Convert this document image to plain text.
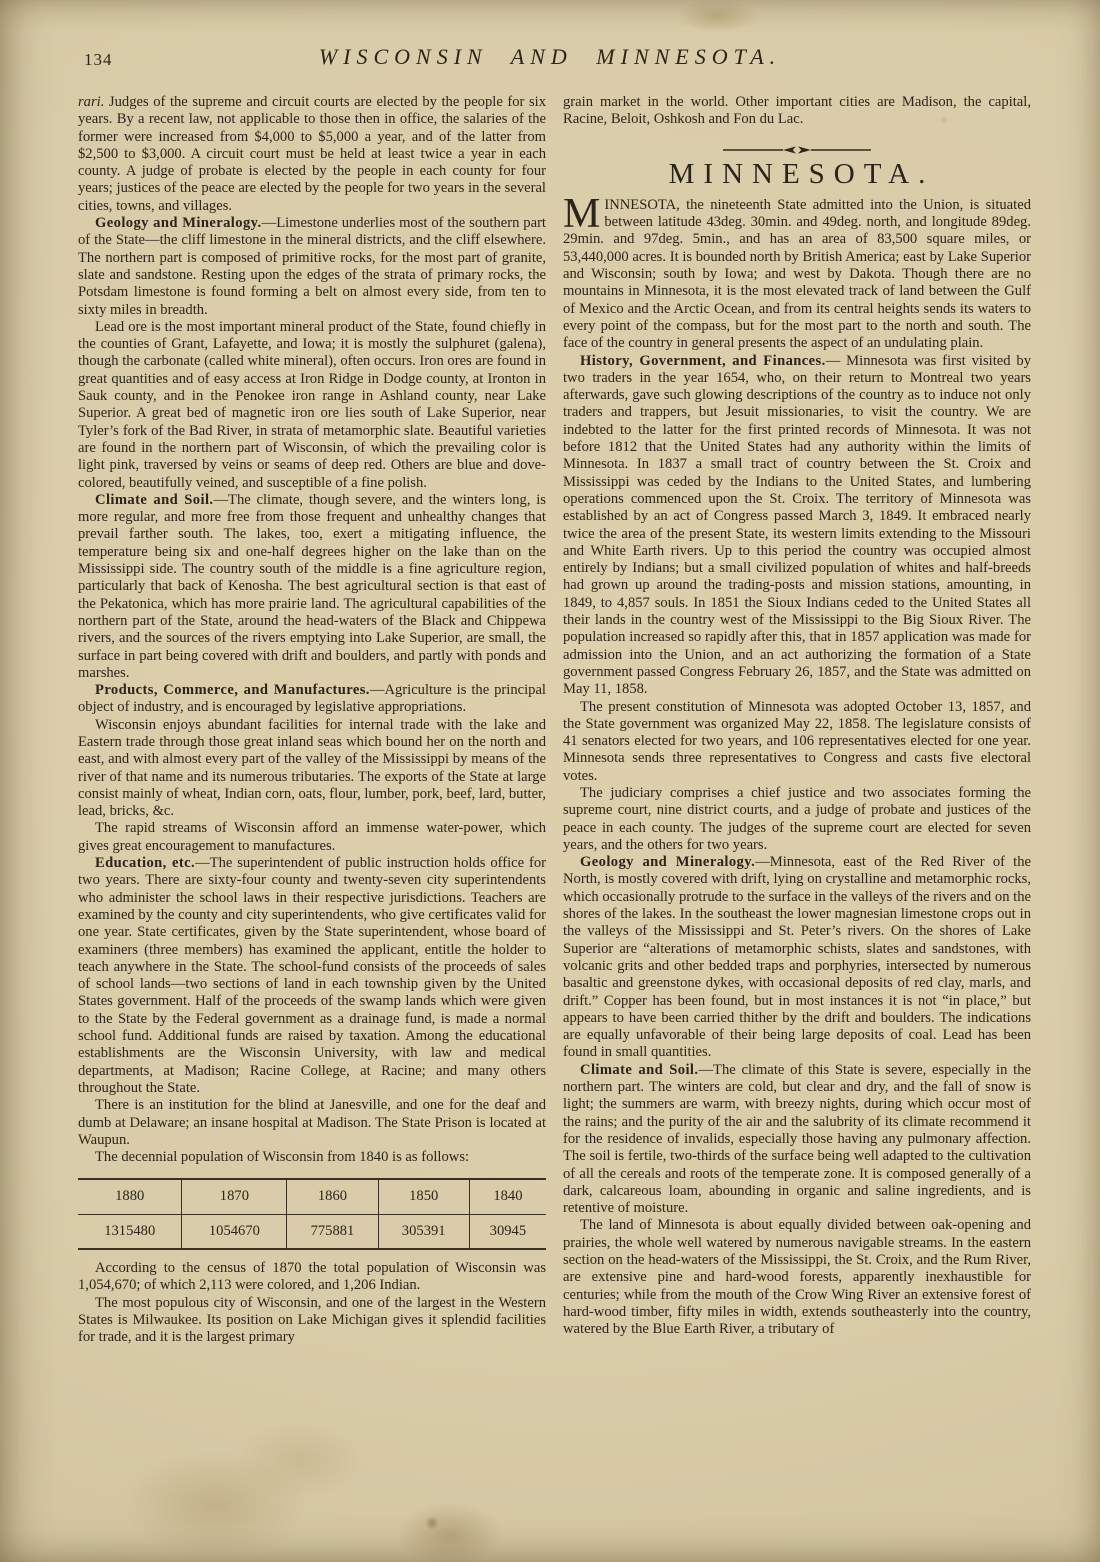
134	WISCONSIN AND MINNESOTA.

rari. Judges of the supreme and circuit courts are elected by the people for six years. By a recent law, not applicable to those then in office, the salaries of the former were increased from $4,000 to $5,000 a year, and of the latter from $2,500 to $3,000. A circuit court must be held at least twice a year in each county. A judge of probate is elected by the people in each county for four years; justices of the peace are elected by the people for two years in the several cities, towns, and villages.

Geology and Mineralogy.—Limestone underlies most of the southern part of the State—the cliff limestone in the mineral districts, and the cliff elsewhere. The northern part is composed of primitive rocks, for the most part of granite, slate and sandstone. Resting upon the edges of the strata of primary rocks, the Potsdam limestone is found forming a belt on almost every side, from ten to sixty miles in breadth.

Lead ore is the most important mineral product of the State, found chiefly in the counties of Grant, Lafayette, and Iowa; it is mostly the sulphuret (galena), though the carbonate (called white mineral), often occurs. Iron ores are found in great quantities and of easy access at Iron Ridge in Dodge county, at Ironton in Sauk county, and in the Penokee iron range in Ashland county, near Lake Superior. A great bed of magnetic iron ore lies south of Lake Superior, near Tyler’s fork of the Bad River, in strata of metamorphic slate. Beautiful varieties are found in the northern part of Wisconsin, of which the prevailing color is light pink, traversed by veins or seams of deep red. Others are blue and dove-colored, beautifully veined, and susceptible of a fine polish.

Climate and Soil.—The climate, though severe, and the winters long, is more regular, and more free from those frequent and unhealthy changes that prevail farther south. The lakes, too, exert a mitigating influence, the temperature being six and one-half degrees higher on the lake than on the Mississippi side. The country south of the middle is a fine agriculture region, particularly that back of Kenosha. The best agricultural section is that east of the Pekatonica, which has more prairie land. The agricultural capabilities of the northern part of the State, around the head-waters of the Black and Chippewa rivers, and the sources of the rivers emptying into Lake Superior, are small, the surface in part being covered with drift and boulders, and partly with ponds and marshes.

Products, Commerce, and Manufactures.—Agriculture is the principal object of industry, and is encouraged by legislative appropriations.

Wisconsin enjoys abundant facilities for internal trade with the lake and Eastern trade through those great inland seas which bound her on the north and east, and with almost every part of the valley of the Mississippi by means of the river of that name and its numerous tributaries. The exports of the State at large consist mainly of wheat, Indian corn, oats, flour, lumber, pork, beef, lard, butter, lead, bricks, &c.

The rapid streams of Wisconsin afford an immense water-power, which gives great encouragement to manufactures.

Education, etc.—The superintendent of public instruction holds office for two years. There are sixty-four county and twenty-seven city superintendents who administer the school laws in their respective jurisdictions. Teachers are examined by the county and city superintendents, who give certificates valid for one year. State certificates, given by the State superintendent, whose board of examiners (three members) has examined the applicant, entitle the holder to teach anywhere in the State. The school-fund consists of the proceeds of sales of school lands—two sections of land in each township given by the United States government. Half of the proceeds of the swamp lands which were given to the State by the Federal government as a drainage fund, is made a normal school fund. Additional funds are raised by taxation. Among the educational establishments are the Wisconsin University, with law and medical departments, at Madison; Racine College, at Racine; and many others throughout the State.

There is an institution for the blind at Janesville, and one for the deaf and dumb at Delaware; an insane hospital at Madison. The State Prison is located at Waupun.

The decennial population of Wisconsin from 1840 is as follows:

1880	1870	1860	1850	1840
1315480	1054670	775881	305391	30945

According to the census of 1870 the total population of Wisconsin was 1,054,670; of which 2,113 were colored, and 1,206 Indian.

The most populous city of Wisconsin, and one of the largest in the Western States is Milwaukee. Its position on Lake Michigan gives it splendid facilities for trade, and it is the largest primary

grain market in the world. Other important cities are Madison, the capital, Racine, Beloit, Oshkosh and Fon du Lac.

MINNESOTA.

MINNESOTA, the nineteenth State admitted into the Union, is situated between latitude 43deg. 30min. and 49deg. north, and longitude 89deg. 29min. and 97deg. 5min., and has an area of 83,500 square miles, or 53,440,000 acres. It is bounded north by British America; east by Lake Superior and Wisconsin; south by Iowa; and west by Dakota. Though there are no mountains in Minnesota, it is the most elevated track of land between the Gulf of Mexico and the Arctic Ocean, and from its central heights sends its waters to every point of the compass, but for the most part to the north and south. The face of the country in general presents the aspect of an undulating plain.

History, Government, and Finances.— Minnesota was first visited by two traders in the year 1654, who, on their return to Montreal two years afterwards, gave such glowing descriptions of the country as to induce not only traders and trappers, but Jesuit missionaries, to visit the country. We are indebted to the latter for the first printed records of Minnesota. It was not before 1812 that the United States had any authority within the limits of Minnesota. In 1837 a small tract of country between the St. Croix and Mississippi was ceded by the Indians to the United States, and lumbering operations commenced upon the St. Croix. The territory of Minnesota was established by an act of Congress passed March 3, 1849. It embraced nearly twice the area of the present State, its western limits extending to the Missouri and White Earth rivers. Up to this period the country was occupied almost entirely by Indians; but a small civilized population of whites and half-breeds had grown up around the trading-posts and mission stations, amounting, in 1849, to 4,857 souls. In 1851 the Sioux Indians ceded to the United States all their lands in the country west of the Mississippi to the Big Sioux River. The population increased so rapidly after this, that in 1857 application was made for admission into the Union, and an act authorizing the formation of a State government passed Congress February 26, 1857, and the State was admitted on May 11, 1858.

The present constitution of Minnesota was adopted October 13, 1857, and the State government was organized May 22, 1858. The legislature consists of 41 senators elected for two years, and 106 representatives elected for one year. Minnesota sends three representatives to Congress and casts five electoral votes.

The judiciary comprises a chief justice and two associates forming the supreme court, nine district courts, and a judge of probate and justices of the peace in each county. The judges of the supreme court are elected for seven years, and the others for two years.

Geology and Mineralogy.—Minnesota, east of the Red River of the North, is mostly covered with drift, lying on crystalline and metamorphic rocks, which occasionally protrude to the surface in the valleys of the rivers and on the shores of the lakes. In the southeast the lower magnesian limestone crops out in the valleys of the Mississippi and St. Peter’s rivers. On the shores of Lake Superior are “alterations of metamorphic schists, slates and sandstones, with volcanic grits and other bedded traps and porphyries, intersected by numerous basaltic and greenstone dykes, with occasional deposits of red clay, marls, and drift.” Copper has been found, but in most instances it is not “in place,” but appears to have been carried thither by the drift and boulders. The indications are equally unfavorable of their being large deposits of coal. Lead has been found in small quantities.

Climate and Soil.—The climate of this State is severe, especially in the northern part. The winters are cold, but clear and dry, and the fall of snow is light; the summers are warm, with breezy nights, during which occur most of the rains; and the purity of the air and the salubrity of its climate recommend it for the residence of invalids, especially those having any pulmonary affection. The soil is fertile, two-thirds of the surface being well adapted to the cultivation of all the cereals and roots of the temperate zone. It is composed generally of a dark, calcareous loam, abounding in organic and saline ingredients, and is retentive of moisture.

The land of Minnesota is about equally divided between oak-opening and prairies, the whole well watered by numerous navigable streams. In the eastern section on the head-waters of the Mississippi, the St. Croix, and the Rum River, are extensive pine and hard-wood forests, apparently inexhaustible for centuries; while from the mouth of the Crow Wing River an extensive forest of hard-wood timber, fifty miles in width, extends southeasterly into the country, watered by the Blue Earth River, a tributary of
